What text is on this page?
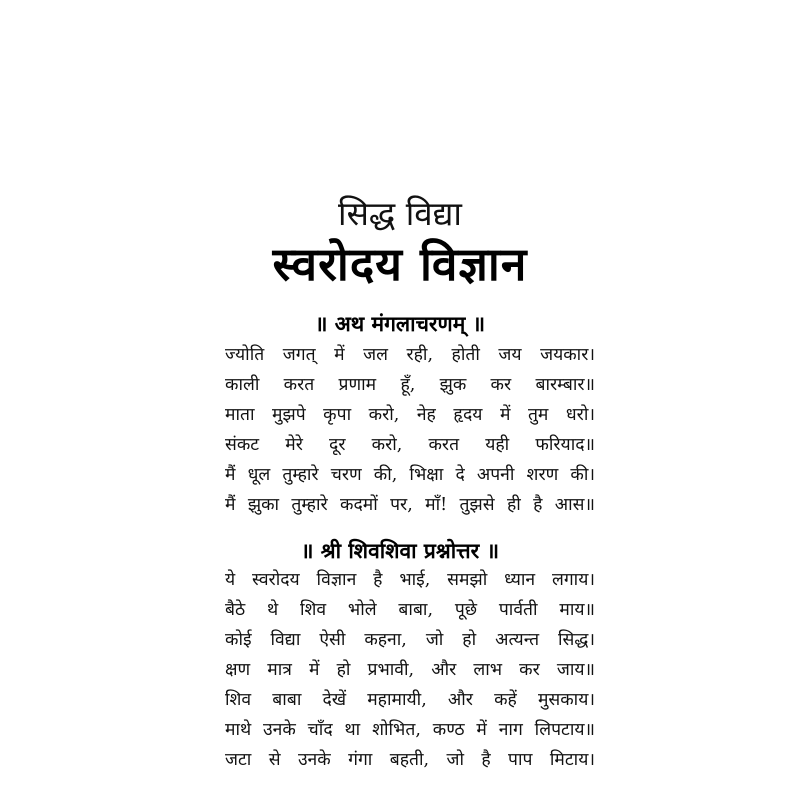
सिद्ध विद्या
स्वरोदय विज्ञान
॥ अथ मंगलाचरणम् ॥
ज्योति जगत् में जल रही, होती जय जयकार।
काली करत प्रणाम हूँ, झुक कर बारम्बार॥
माता मुझपे कृपा करो, नेह हृदय में तुम धरो।
संकट मेरे दूर करो, करत यही फरियाद॥
मैं धूल तुम्हारे चरण की, भिक्षा दे अपनी शरण की।
मैं झुका तुम्हारे कदमों पर, माँ! तुझसे ही है आस॥
॥ श्री शिवशिवा प्रश्नोत्तर ॥
ये स्वरोदय विज्ञान है भाई, समझो ध्यान लगाय।
बैठे थे शिव भोले बाबा, पूछे पार्वती माय॥
कोई विद्या ऐसी कहना, जो हो अत्यन्त सिद्ध।
क्षण मात्र में हो प्रभावी, और लाभ कर जाय॥
शिव बाबा देखें महामायी, और कहें मुसकाय।
माथे उनके चाँद था शोभित, कण्ठ में नाग लिपटाय॥
जटा से उनके गंगा बहती, जो है पाप मिटाय।
